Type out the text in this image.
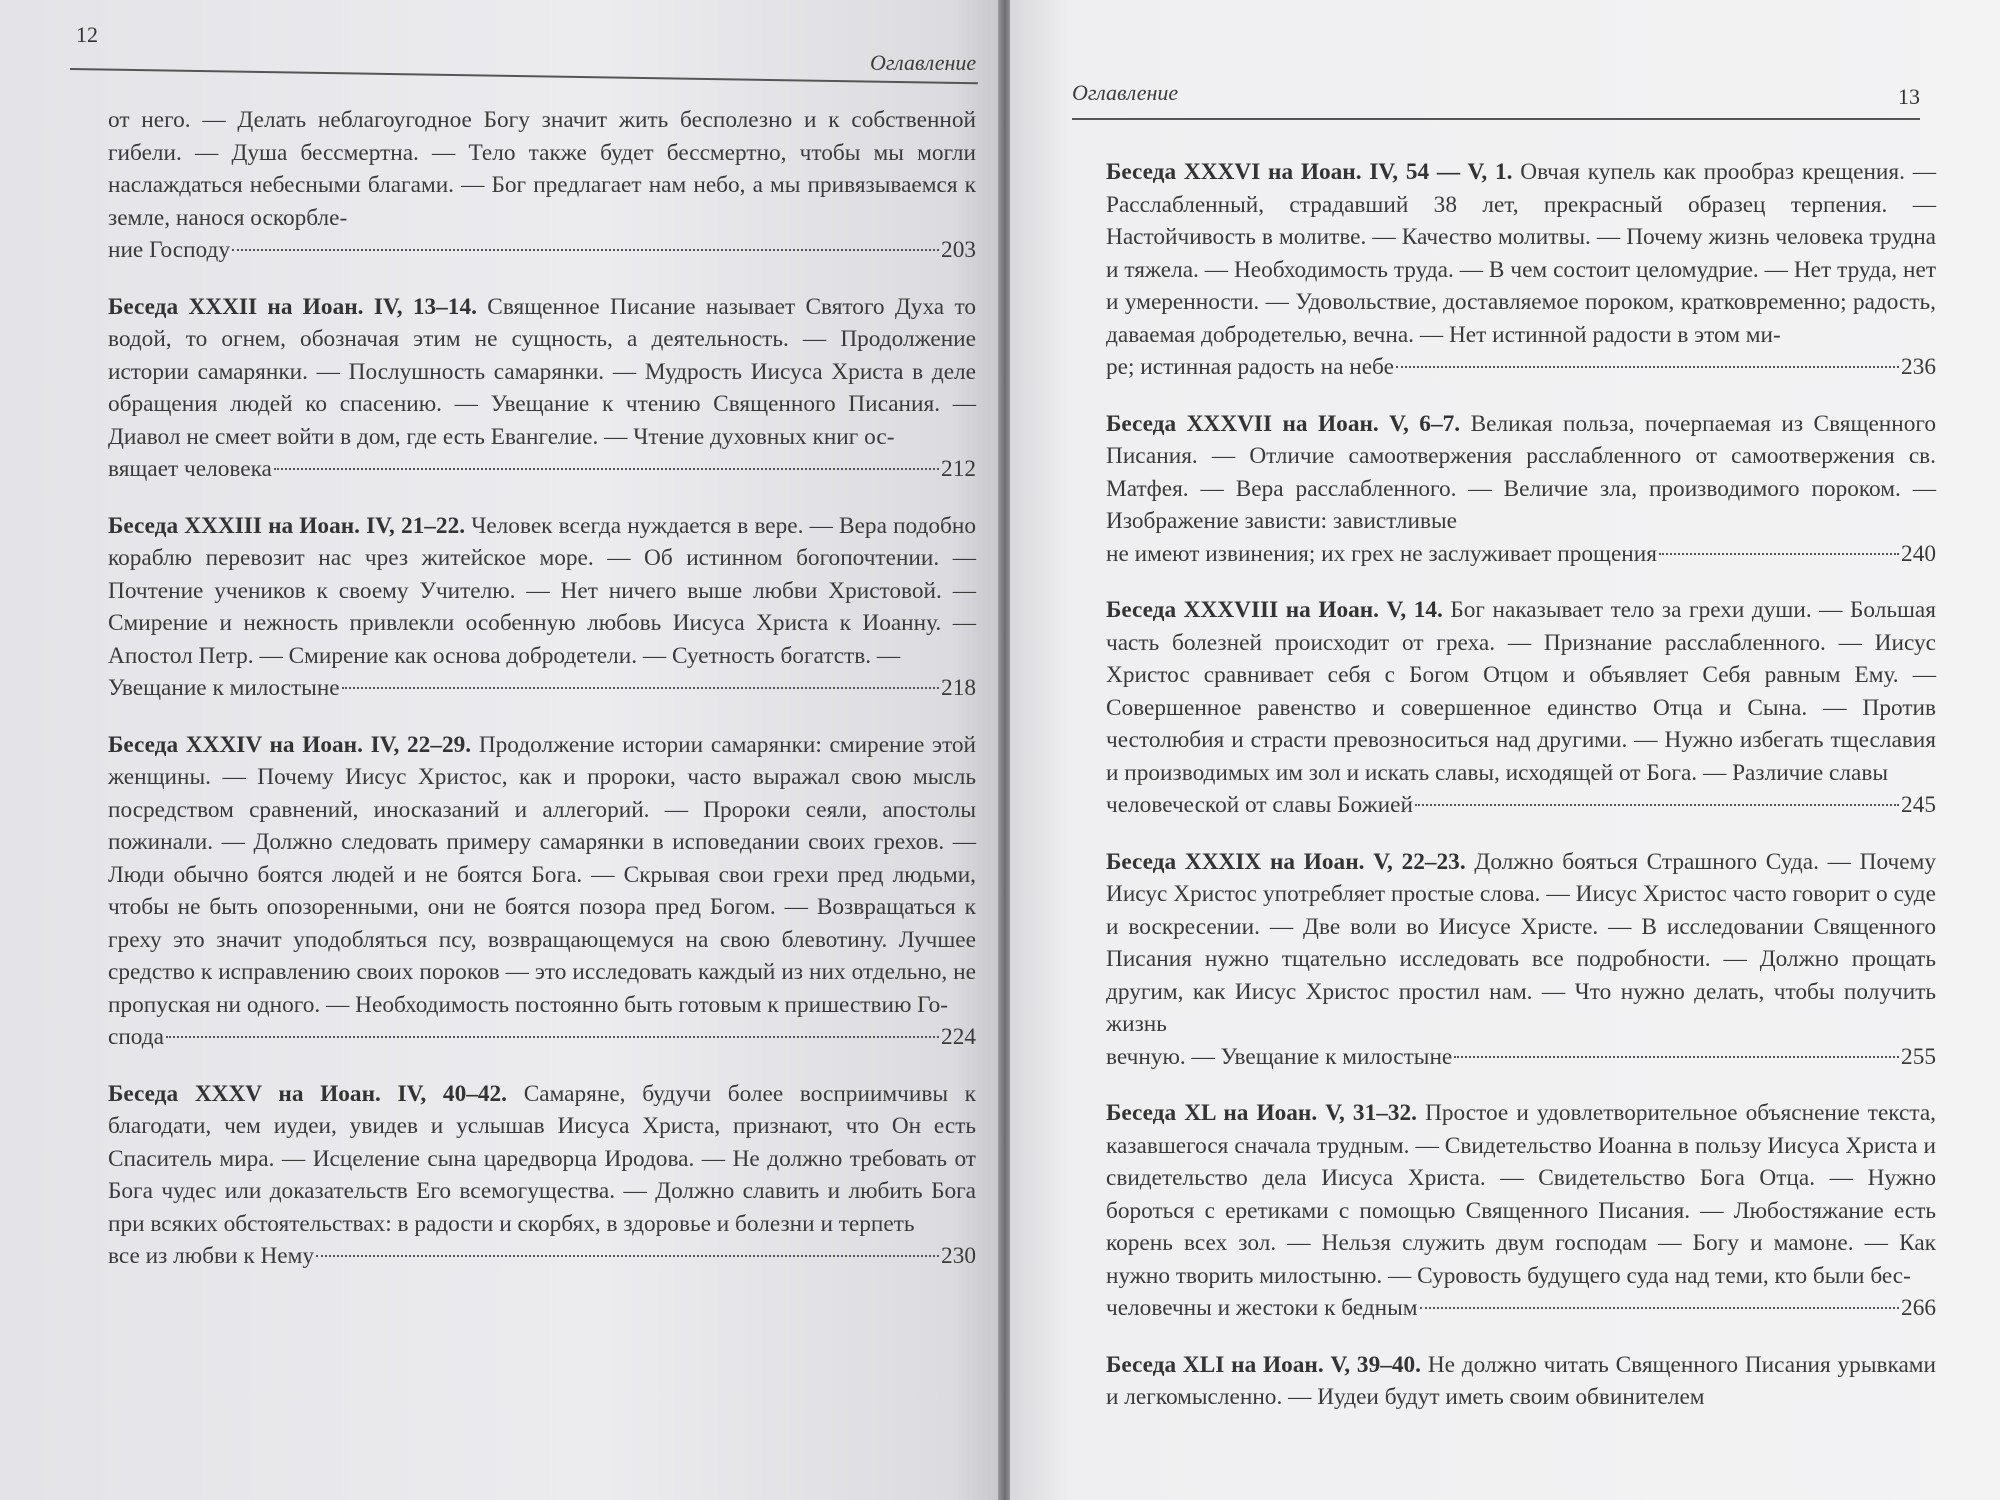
12
Оглавление
от него. — Делать неблагоугодное Богу значит жить бесполезно и к собственной гибели. — Душа бессмертна. — Тело также будет бессмертно, чтобы мы могли наслаждаться небесными благами. — Бог предлагает нам небо, а мы привязываемся к земле, нанося оскорбле-
ние Господу	203
Беседа XXXII на Иоан. IV, 13–14. Священное Писание называет Святого Духа то водой, то огнем, обозначая этим не сущность, а деятельность. — Продолжение истории самарянки. — Послушность самарянки. — Мудрость Иисуса Христа в деле обращения людей ко спасению. — Увещание к чтению Священного Писания. — Диавол не смеет войти в дом, где есть Евангелие. — Чтение духовных книг ос-
вящает человека	212
Беседа XXXIII на Иоан. IV, 21–22. Человек всегда нуждается в вере. — Вера подобно кораблю перевозит нас чрез житейское море. — Об истинном богопочтении. — Почтение учеников к своему Учителю. — Нет ничего выше любви Христовой. — Смирение и нежность привлекли особенную любовь Иисуса Христа к Иоанну. — Апостол Петр. — Смирение как основа добродетели. — Суетность богатств. —
Увещание к милостыне	218
Беседа XXXIV на Иоан. IV, 22–29. Продолжение истории самарянки: смирение этой женщины. — Почему Иисус Христос, как и пророки, часто выражал свою мысль посредством сравнений, иносказаний и аллегорий. — Пророки сеяли, апостолы пожинали. — Должно следовать примеру самарянки в исповедании своих грехов. — Люди обычно боятся людей и не боятся Бога. — Скрывая свои грехи пред людьми, чтобы не быть опозоренными, они не боятся позора пред Богом. — Возвращаться к греху это значит уподобляться псу, возвращающемуся на свою блевотину. Лучшее средство к исправлению своих пороков — это исследовать каждый из них отдельно, не пропуская ни одного. — Необходимость постоянно быть готовым к пришествию Го-
спода	224
Беседа XXXV на Иоан. IV, 40–42. Самаряне, будучи более восприимчивы к благодати, чем иудеи, увидев и услышав Иисуса Христа, признают, что Он есть Спаситель мира. — Исцеление сына царедворца Иродова. — Не должно требовать от Бога чудес или доказательств Его всемогущества. — Должно славить и любить Бога при всяких обстоятельствах: в радости и скорбях, в здоровье и болезни и терпеть
все из любви к Нему	230
Оглавление	13
Беседа XXXVI на Иоан. IV, 54 — V, 1. Овчая купель как прообраз крещения. — Расслабленный, страдавший 38 лет, прекрасный образец терпения. — Настойчивость в молитве. — Качество молитвы. — Почему жизнь человека трудна и тяжела. — Необходимость труда. — В чем состоит целомудрие. — Нет труда, нет и умеренности. — Удовольствие, доставляемое пороком, кратковременно; радость, даваемая добродетелью, вечна. — Нет истинной радости в этом ми-
ре; истинная радость на небе	236
Беседа XXXVII на Иоан. V, 6–7. Великая польза, почерпаемая из Священного Писания. — Отличие самоотвержения расслабленного от самоотвержения св. Матфея. — Вера расслабленного. — Величие зла, производимого пороком. — Изображение зависти: завистливые
не имеют извинения; их грех не заслуживает прощения	240
Беседа XXXVIII на Иоан. V, 14. Бог наказывает тело за грехи души. — Большая часть болезней происходит от греха. — Признание расслабленного. — Иисус Христос сравнивает себя с Богом Отцом и объявляет Себя равным Ему. — Совершенное равенство и совершенное единство Отца и Сына. — Против честолюбия и страсти превозноситься над другими. — Нужно избегать тщеславия и производимых им зол и искать славы, исходящей от Бога. — Различие славы
человеческой от славы Божией	245
Беседа XXXIX на Иоан. V, 22–23. Должно бояться Страшного Суда. — Почему Иисус Христос употребляет простые слова. — Иисус Христос часто говорит о суде и воскресении. — Две воли во Иисусе Христе. — В исследовании Священного Писания нужно тщательно исследовать все подробности. — Должно прощать другим, как Иисус Христос простил нам. — Что нужно делать, чтобы получить жизнь
вечную. — Увещание к милостыне	255
Беседа XL на Иоан. V, 31–32. Простое и удовлетворительное объяснение текста, казавшегося сначала трудным. — Свидетельство Иоанна в пользу Иисуса Христа и свидетельство дела Иисуса Христа. — Свидетельство Бога Отца. — Нужно бороться с еретиками с помощью Священного Писания. — Любостяжание есть корень всех зол. — Нельзя служить двум господам — Богу и мамоне. — Как нужно творить милостыню. — Суровость будущего суда над теми, кто были бес-
человечны и жестоки к бедным	266
Беседа XLI на Иоан. V, 39–40. Не должно читать Священного Писания урывками и легкомысленно. — Иудеи будут иметь своим обвинителем
